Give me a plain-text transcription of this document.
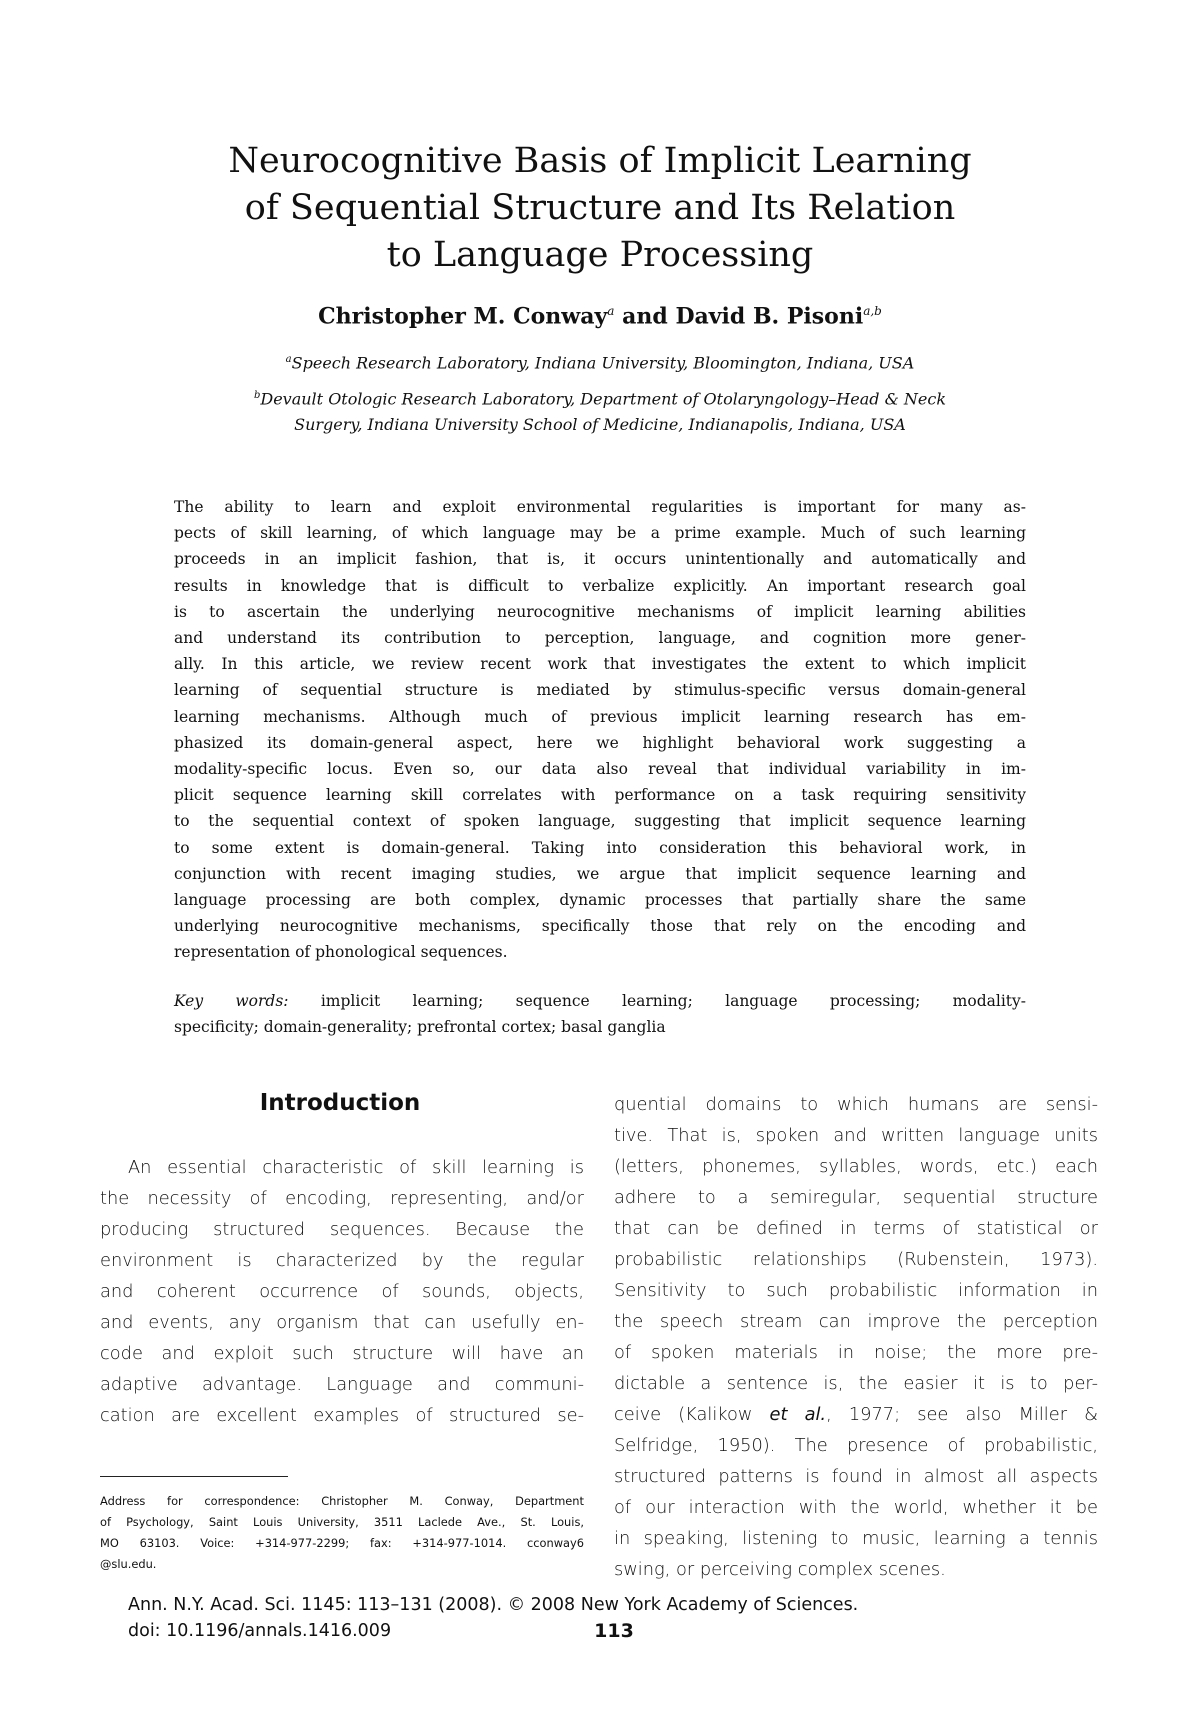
Neurocognitive Basis of Implicit Learning
of Sequential Structure and Its Relation
to Language Processing
Christopher M. Conway$^a$ and David B. Pisoni$^{a,b}$
$^a$Speech Research Laboratory, Indiana University, Bloomington, Indiana, USA
$^b$Devault Otologic Research Laboratory, Department of Otolaryngology–Head & Neck
Surgery, Indiana University School of Medicine, Indianapolis, Indiana, USA
The ability to learn and exploit environmental regularities is important for many as-
pects of skill learning, of which language may be a prime example. Much of such learning
proceeds in an implicit fashion, that is, it occurs unintentionally and automatically and
results in knowledge that is difficult to verbalize explicitly. An important research goal
is to ascertain the underlying neurocognitive mechanisms of implicit learning abilities
and understand its contribution to perception, language, and cognition more gener-
ally. In this article, we review recent work that investigates the extent to which implicit
learning of sequential structure is mediated by stimulus-specific versus domain-general
learning mechanisms. Although much of previous implicit learning research has em-
phasized its domain-general aspect, here we highlight behavioral work suggesting a
modality-specific locus. Even so, our data also reveal that individual variability in im-
plicit sequence learning skill correlates with performance on a task requiring sensitivity
to the sequential context of spoken language, suggesting that implicit sequence learning
to some extent is domain-general. Taking into consideration this behavioral work, in
conjunction with recent imaging studies, we argue that implicit sequence learning and
language processing are both complex, dynamic processes that partially share the same
underlying neurocognitive mechanisms, specifically those that rely on the encoding and
representation of phonological sequences.
Key words: implicit learning; sequence learning; language processing; modality-
specificity; domain-generality; prefrontal cortex; basal ganglia
Introduction
An essential characteristic of skill learning is
the necessity of encoding, representing, and/or
producing structured sequences. Because the
environment is characterized by the regular
and coherent occurrence of sounds, objects,
and events, any organism that can usefully en-
code and exploit such structure will have an
adaptive advantage. Language and communi-
cation are excellent examples of structured se-
quential domains to which humans are sensi-
tive. That is, spoken and written language units
(letters, phonemes, syllables, words, etc.) each
adhere to a semiregular, sequential structure
that can be defined in terms of statistical or
probabilistic relationships (Rubenstein, 1973).
Sensitivity to such probabilistic information in
the speech stream can improve the perception
of spoken materials in noise; the more pre-
dictable a sentence is, the easier it is to per-
ceive (Kalikow et al., 1977; see also Miller &
Selfridge, 1950). The presence of probabilistic,
structured patterns is found in almost all aspects
of our interaction with the world, whether it be
in speaking, listening to music, learning a tennis
swing, or perceiving complex scenes.
Address for correspondence: Christopher M. Conway, Department
of Psychology, Saint Louis University, 3511 Laclede Ave., St. Louis,
MO 63103. Voice: +314-977-2299; fax: +314-977-1014. cconway6
@slu.edu.
Ann. N.Y. Acad. Sci. 1145: 113–131 (2008). © 2008 New York Academy of Sciences.
doi: 10.1196/annals.1416.009	113
